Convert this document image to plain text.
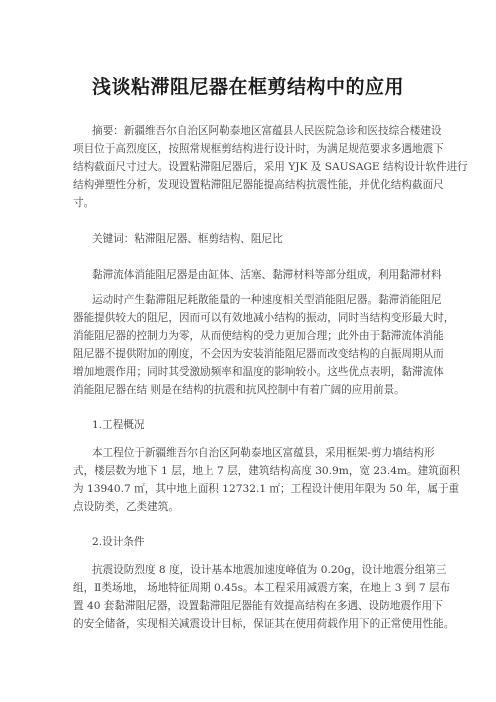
浅谈粘滞阻尼器在框剪结构中的应用
摘要：新疆维吾尔自治区阿勒泰地区富蕴县人民医院急诊和医技综合楼建设
项目位于高烈度区，按照常规框剪结构进行设计时，为满足规范要求多遇地震下
结构截面尺寸过大。设置粘滞阻尼器后，采用 YJK 及 SAUSAGE 结构设计软件进行
结构弹塑性分析，发现设置粘滞阻尼器能提高结构抗震性能，并优化结构截面尺
寸。
关键词：粘滞阻尼器、框剪结构、阻尼比
黏滞流体消能阻尼器是由缸体、活塞、黏滞材料等部分组成，利用黏滞材料
运动时产生黏滞阻尼耗散能量的一种速度相关型消能阻尼器。黏滞消能阻尼
器能提供较大的阻尼，因而可以有效地减小结构的振动，同时当结构变形最大时，
消能阻尼器的控制力为零，从而使结构的受力更加合理；此外由于黏滞流体消能
阻尼器不提供附加的刚度，不会因为安装消能阻尼器而改变结构的自振周期从而
增加地震作用；同时其受激励频率和温度的影响较小。这些优点表明，黏滞流体
消能阻尼器在结 则是在结构的抗震和抗风控制中有着广阔的应用前景。
1.工程概况
本工程位于新疆维吾尔自治区阿勒泰地区富蕴县，采用框架-剪力墙结构形
式，楼层数为地下 1 层，地上 7 层，建筑结构高度 30.9m，宽 23.4m。建筑面积
为 13940.7 ㎡，其中地上面积 12732.1 ㎡；工程设计使用年限为 50 年，属于重
点设防类，乙类建筑。
2.设计条件
抗震设防烈度 8 度，设计基本地震加速度峰值为 0.20g，设计地震分组第三
组，Ⅱ类场地， 场地特征周期 0.45s。本工程采用减震方案，在地上 3 到 7 层布
置 40 套黏滞阻尼器，设置黏滞阻尼器能有效提高结构在多遇、设防地震作用下
的安全储备，实现相关减震设计目标，保证其在使用荷载作用下的正常使用性能。
